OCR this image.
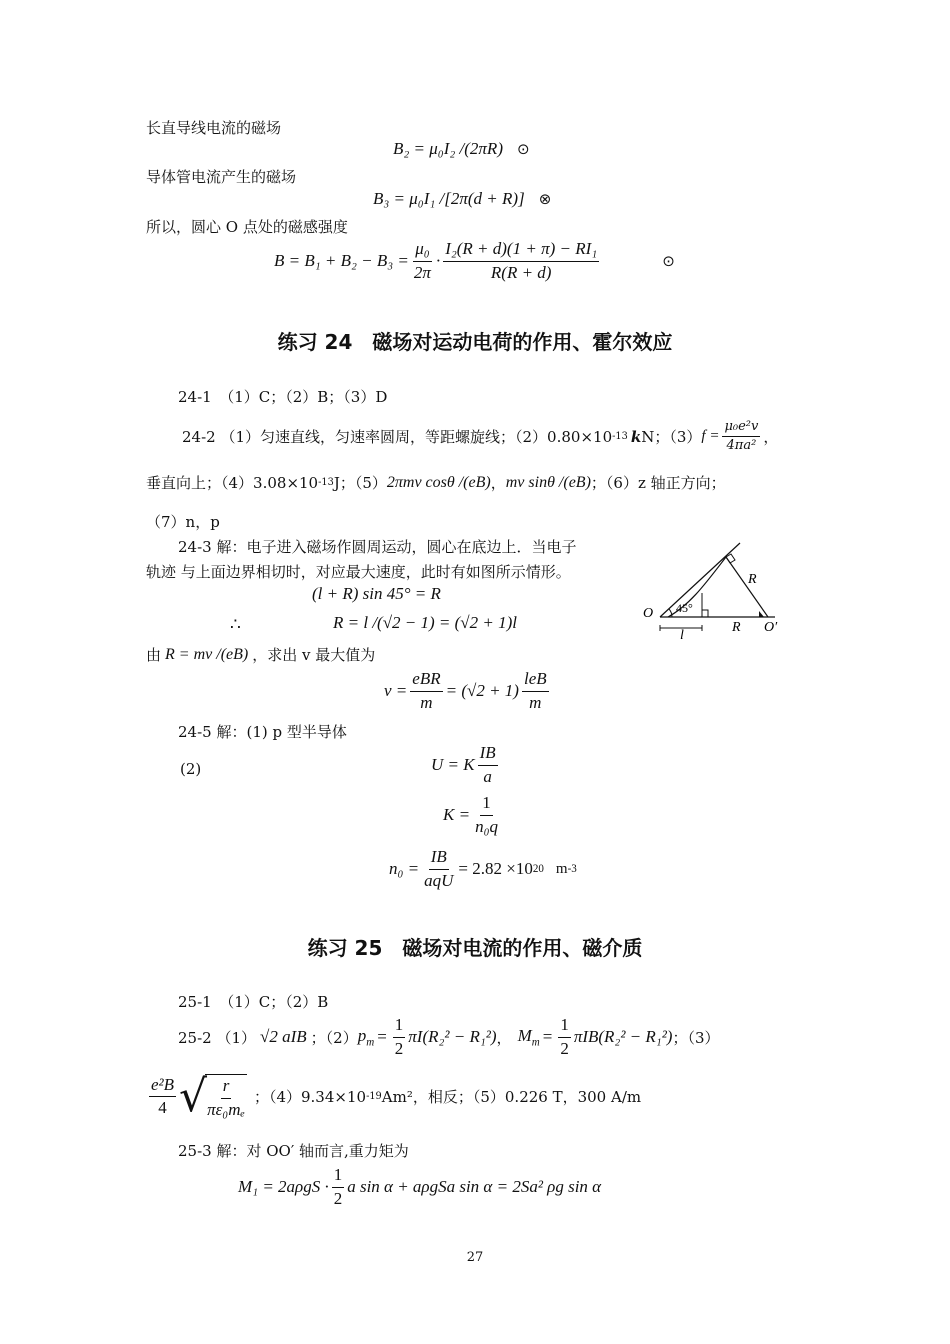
长直导线电流的磁场
B₂ = μ₀I₂ /(2πR) ⊙
导体管电流产生的磁场
B₃ = μ₀I₁ /[2π(d + R)] ⊗
所以，圆心 O 点处的磁感强度
$B = B_1 + B_2 - B_3 = \frac{\text{μ₀}}{2\pi} \cdot \frac{\text{I₂(R + d)(1 + π) − RI₁}}{R(R + d)}$	⊙
练习 24　磁场对运动电荷的作用、霍尔效应
24-1　（1）C；（2）B；（3）D
24-2 （1）匀速直线，匀速率圆周，等距螺旋线；（2）0.80×10 -13 k N；（3） $f = \frac{\text{μ₀e²v}}{\text{4πa²}}$ ，
垂直向上；（4）3.08×10 -13 J；（5） 2πmv cosθ /(eB) ， mv sinθ /(eB) ；（6）z 轴正方向；
（7）n，p
24-3 解：电子进入磁场作圆周运动，圆心在底边上．当电子
轨迹 与上面边界相切时，对应最大速度，此时有如图所示情形。
(l + R) sin 45° = R
∴	R = l /(√2 − 1) = (√2 + 1)l	O 45°
R
R O′
l
由 R = mv /(eB) ，求出 v 最大值为
$v = \frac{\text{eBR}}{m} = (√2 + 1) \frac{\text{leB}}{m}$
24-5 解：(1) p 型半导体
(2)	U = K $\frac{IB}{a}$
$K = \frac{1}{\text{n₀q}}$
$n_0 = \frac{IB}{\text{aqU}} = 2.82 \times 10$ 20 m -3
练习 25　磁场对电流的作用、磁介质
25-1　（1）C；（2）B
25-2 （1） √2 aIB ；（2） $p_m = \frac{1}{2} \pi I(R_2^2 - R_1^2)$ ， $M_m = \frac{1}{2} \pi IB(R_2^2 - R_1^2)$ ；（3）
$\frac{\text{e²B}}{4}$ √
$\frac{r}{\text{πε₀mₑ}}$ ；（4）9.34×10 -19 Am²，相反；（5）0.226 T，300 A/m
25-3 解：对 OO′ 轴而言,重力矩为
$M_1 = 2a\rho gS \cdot \frac{1}{2}$ a sin α + aρgSa sin α = 2Sa² ρg sin α
27
